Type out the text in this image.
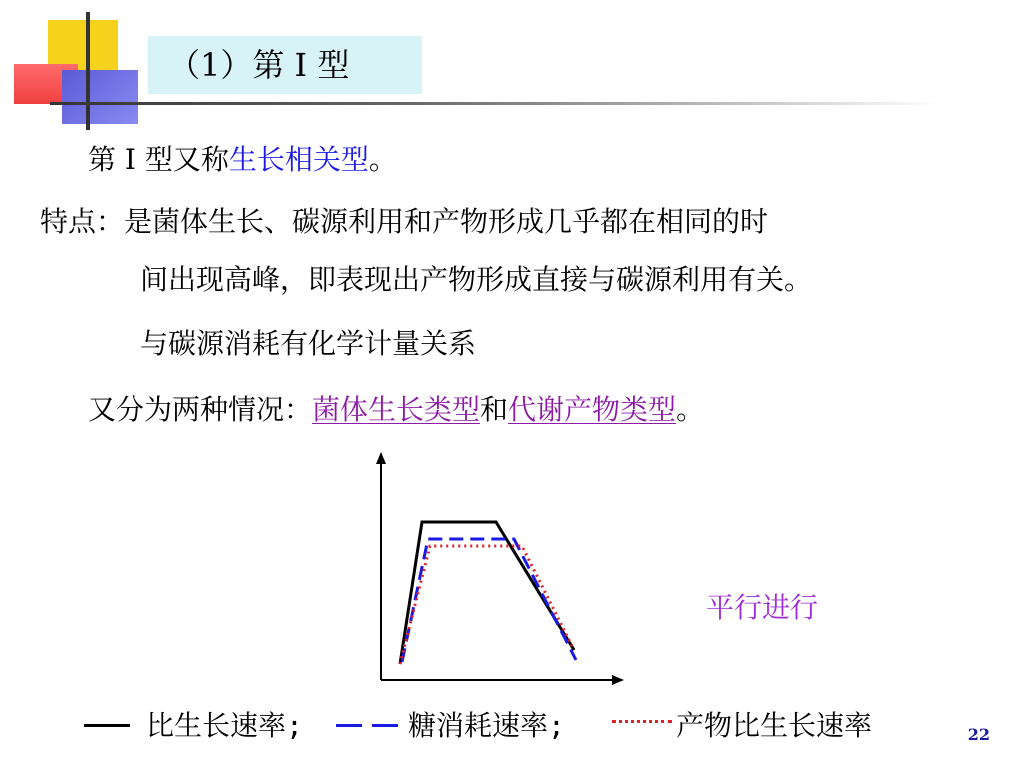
（1）第 I 型
第 I 型又称生长相关型。
特点：是菌体生长、碳源利用和产物形成几乎都在相同的时
间出现高峰，即表现出产物形成直接与碳源利用有关。
与碳源消耗有化学计量关系
又分为两种情况：菌体生长类型和代谢产物类型。
平行进行
比生长速率;	糖消耗速率;	产物比生长速率	22
